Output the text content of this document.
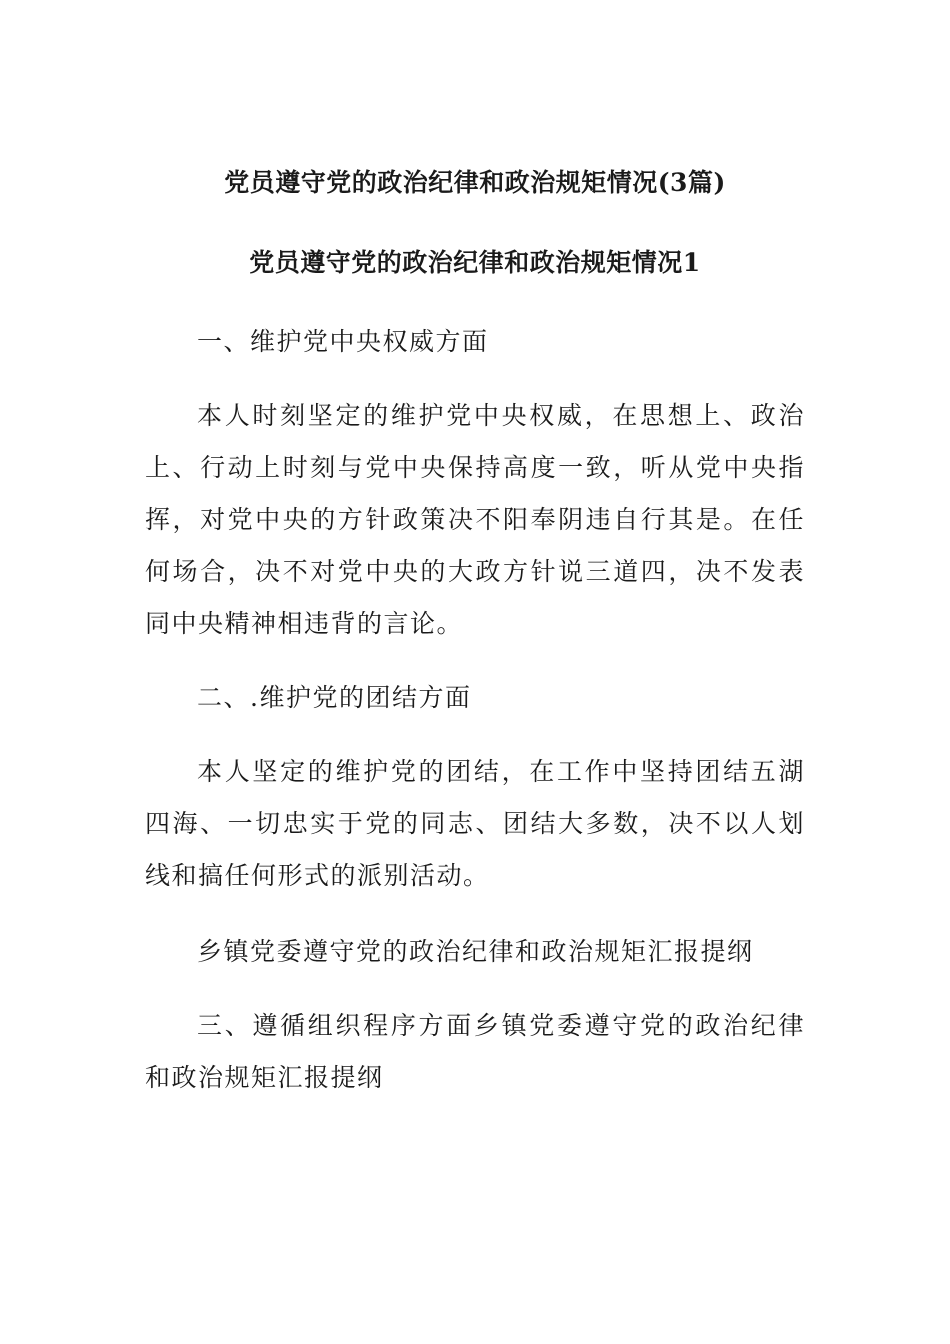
党员遵守党的政治纪律和政治规矩情况(3篇)
党员遵守党的政治纪律和政治规矩情况1
一、维护党中央权威方面
本人时刻坚定的维护党中央权威，在思想上、政治上、行动上时刻与党中央保持高度一致，听从党中央指挥，对党中央的方针政策决不阳奉阴违自行其是。在任何场合，决不对党中央的大政方针说三道四，决不发表同中央精神相违背的言论。
二、.维护党的团结方面
本人坚定的维护党的团结，在工作中坚持团结五湖四海、一切忠实于党的同志、团结大多数，决不以人划线和搞任何形式的派别活动。
乡镇党委遵守党的政治纪律和政治规矩汇报提纲
三、遵循组织程序方面乡镇党委遵守党的政治纪律和政治规矩汇报提纲
